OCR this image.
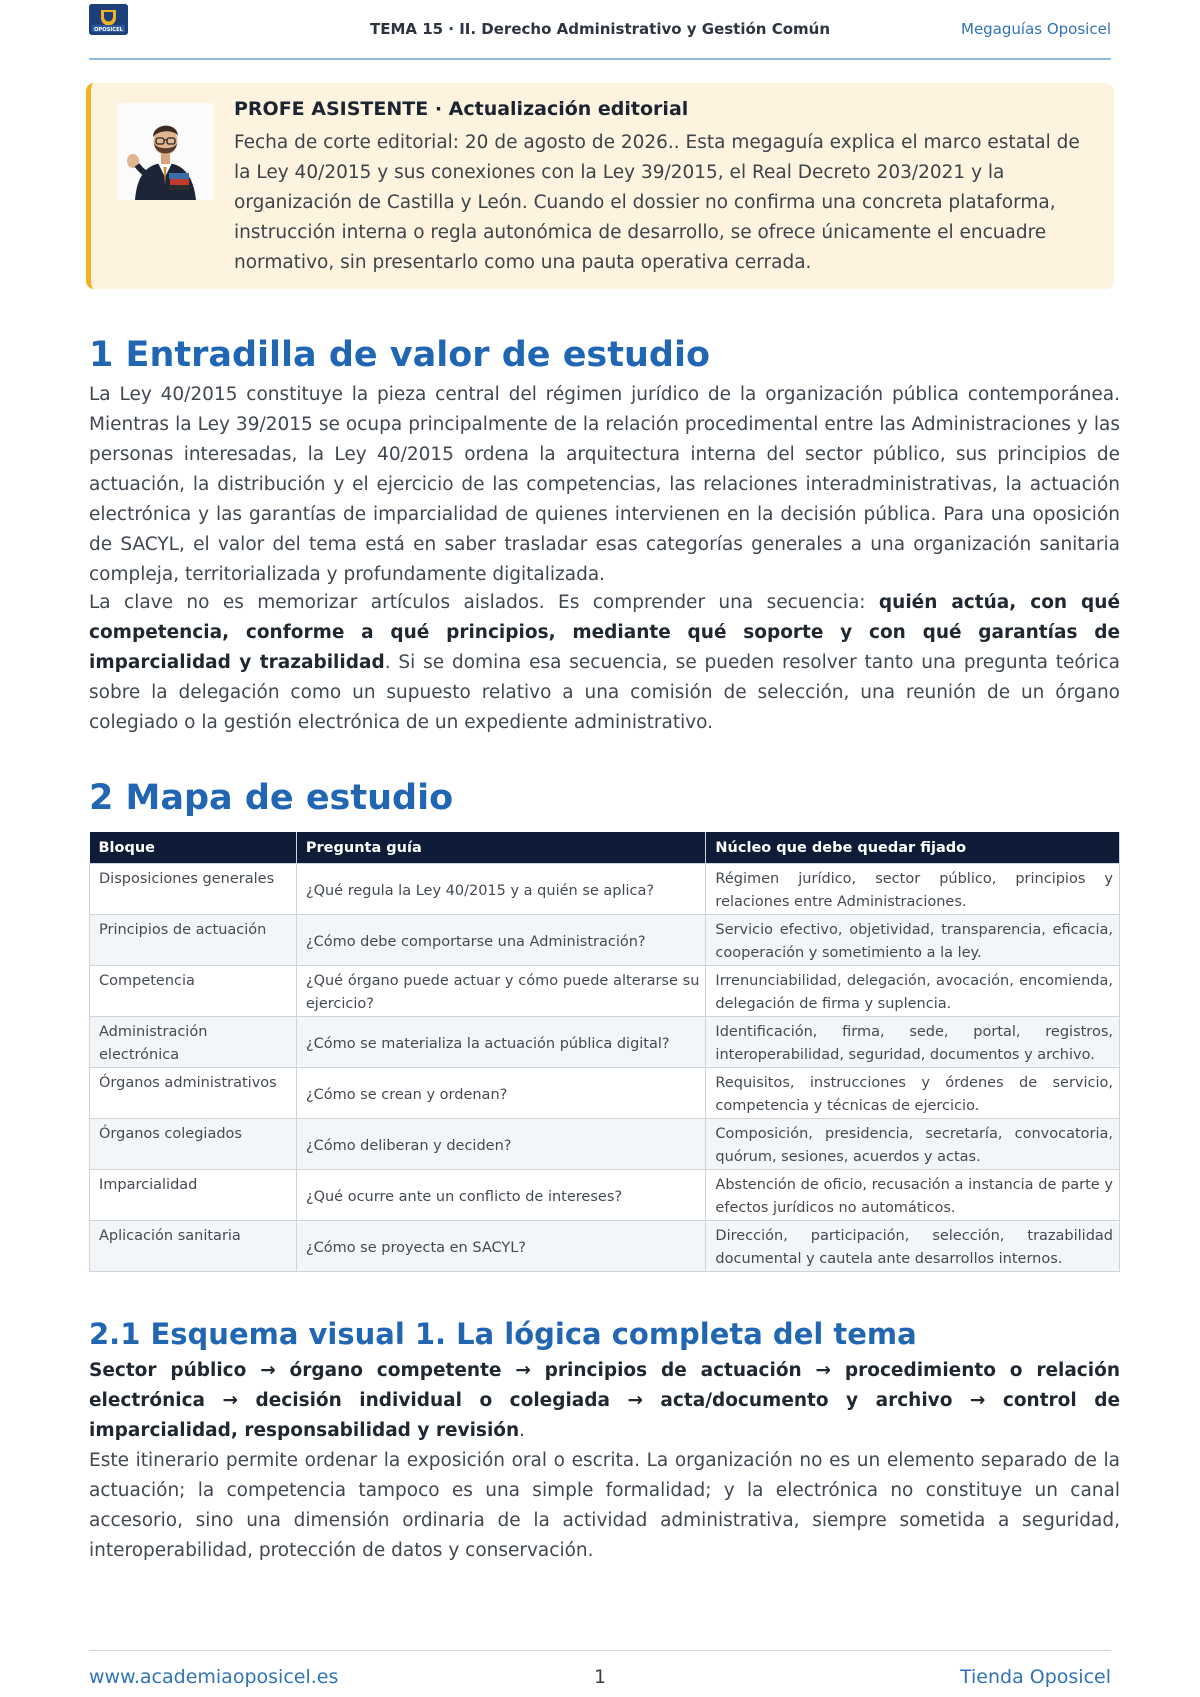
OPOSICEL	TEMA 15 · II. Derecho Administrativo y Gestión Común	Megaguías Oposicel
PROFE ASISTENTE · Actualización editorial
Fecha de corte editorial: 20 de agosto de 2026.. Esta megaguía explica el marco estatal de la Ley 40/2015 y sus conexiones con la Ley 39/2015, el Real Decreto 203/2021 y la organización de Castilla y León. Cuando el dossier no confirma una concreta plataforma, instrucción interna o regla autonómica de desarrollo, se ofrece únicamente el encuadre normativo, sin presentarlo como una pauta operativa cerrada.
1 Entradilla de valor de estudio
La Ley 40/2015 constituye la pieza central del régimen jurídico de la organización pública contemporánea. Mientras la Ley 39/2015 se ocupa principalmente de la relación procedimental entre las Administraciones y las personas interesadas, la Ley 40/2015 ordena la arquitectura interna del sector público, sus principios de actuación, la distribución y el ejercicio de las competencias, las relaciones interadministrativas, la actuación electrónica y las garantías de imparcialidad de quienes intervienen en la decisión pública. Para una oposición de SACYL, el valor del tema está en saber trasladar esas categorías generales a una organización sanitaria compleja, territorializada y profundamente digitalizada.
La clave no es memorizar artículos aislados. Es comprender una secuencia: quién actúa, con qué competencia, conforme a qué principios, mediante qué soporte y con qué garantías de imparcialidad y trazabilidad. Si se domina esa secuencia, se pueden resolver tanto una pregunta teórica sobre la delegación como un supuesto relativo a una comisión de selección, una reunión de un órgano colegiado o la gestión electrónica de un expediente administrativo.
2 Mapa de estudio
Bloque	Pregunta guía	Núcleo que debe quedar fijado
Disposiciones generales	¿Qué regula la Ley 40/2015 y a quién se aplica?	Régimen jurídico, sector público, principios y relaciones entre Administraciones.
Principios de actuación	¿Cómo debe comportarse una Administración?	Servicio efectivo, objetividad, transparencia, eficacia, cooperación y sometimiento a la ley.
Competencia	¿Qué órgano puede actuar y cómo puede alterarse su ejercicio?	Irrenunciabilidad, delegación, avocación, encomienda, delegación de firma y suplencia.
Administración electrónica	¿Cómo se materializa la actuación pública digital?	Identificación, firma, sede, portal, registros, interoperabilidad, seguridad, documentos y archivo.
Órganos administrativos	¿Cómo se crean y ordenan?	Requisitos, instrucciones y órdenes de servicio, competencia y técnicas de ejercicio.
Órganos colegiados	¿Cómo deliberan y deciden?	Composición, presidencia, secretaría, convocatoria, quórum, sesiones, acuerdos y actas.
Imparcialidad	¿Qué ocurre ante un conflicto de intereses?	Abstención de oficio, recusación a instancia de parte y efectos jurídicos no automáticos.
Aplicación sanitaria	¿Cómo se proyecta en SACYL?	Dirección, participación, selección, trazabilidad documental y cautela ante desarrollos internos.
2.1 Esquema visual 1. La lógica completa del tema
Sector público → órgano competente → principios de actuación → procedimiento o relación electrónica → decisión individual o colegiada → acta/documento y archivo → control de imparcialidad, responsabilidad y revisión.
Este itinerario permite ordenar la exposición oral o escrita. La organización no es un elemento separado de la actuación; la competencia tampoco es una simple formalidad; y la electrónica no constituye un canal accesorio, sino una dimensión ordinaria de la actividad administrativa, siempre sometida a seguridad, interoperabilidad, protección de datos y conservación.
www.academiaoposicel.es	1	Tienda Oposicel
